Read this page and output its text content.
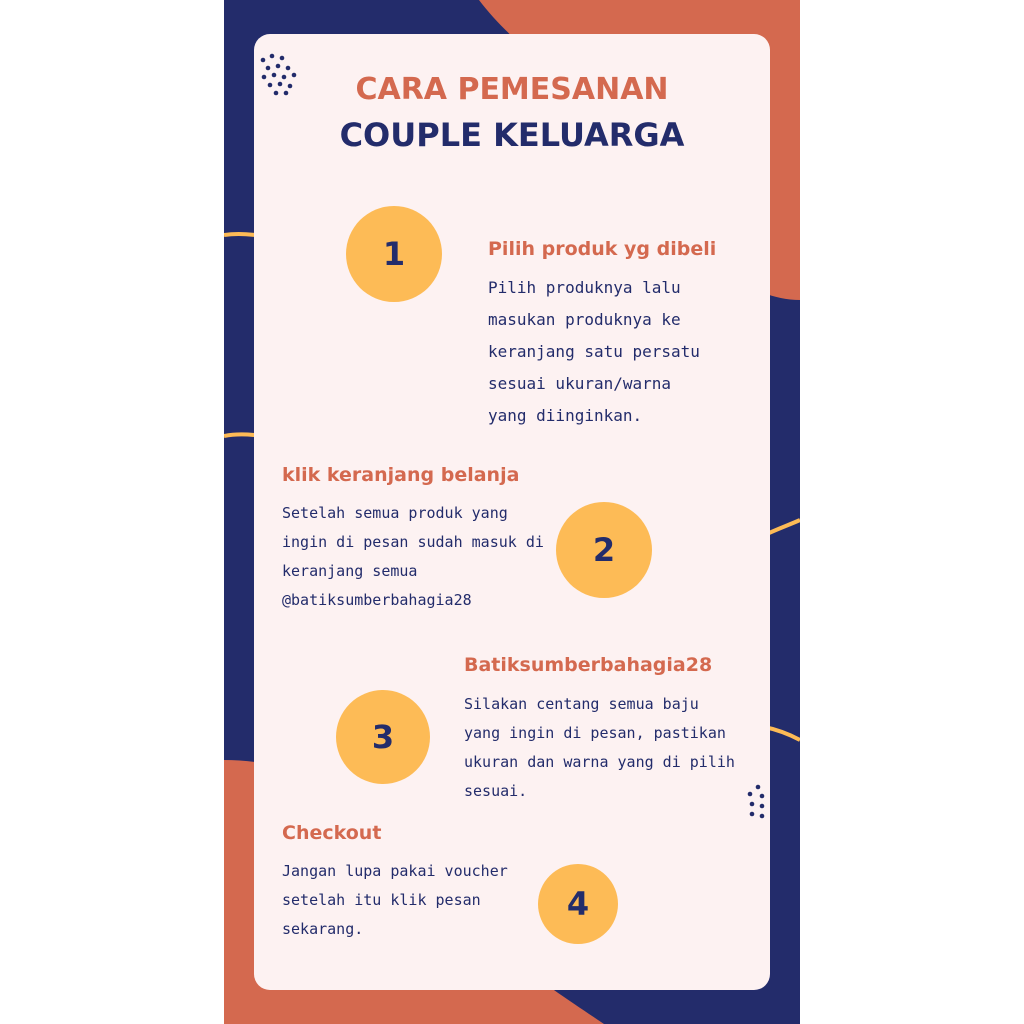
CARA PEMESANAN
COUPLE KELUARGA
1	Pilih produk yg dibeli
Pilih produknya lalu
masukan produknya ke
keranjang satu persatu
sesuai ukuran/warna
yang diinginkan.
klik keranjang belanja
Setelah semua produk yang
ingin di pesan sudah masuk di
keranjang semua
@batiksumberbahagia28
2
Batiksumberbahagia28
Silakan centang semua baju
yang ingin di pesan, pastikan
ukuran dan warna yang di pilih
sesuai.
3
Checkout
Jangan lupa pakai voucher
setelah itu klik pesan
sekarang.
4
